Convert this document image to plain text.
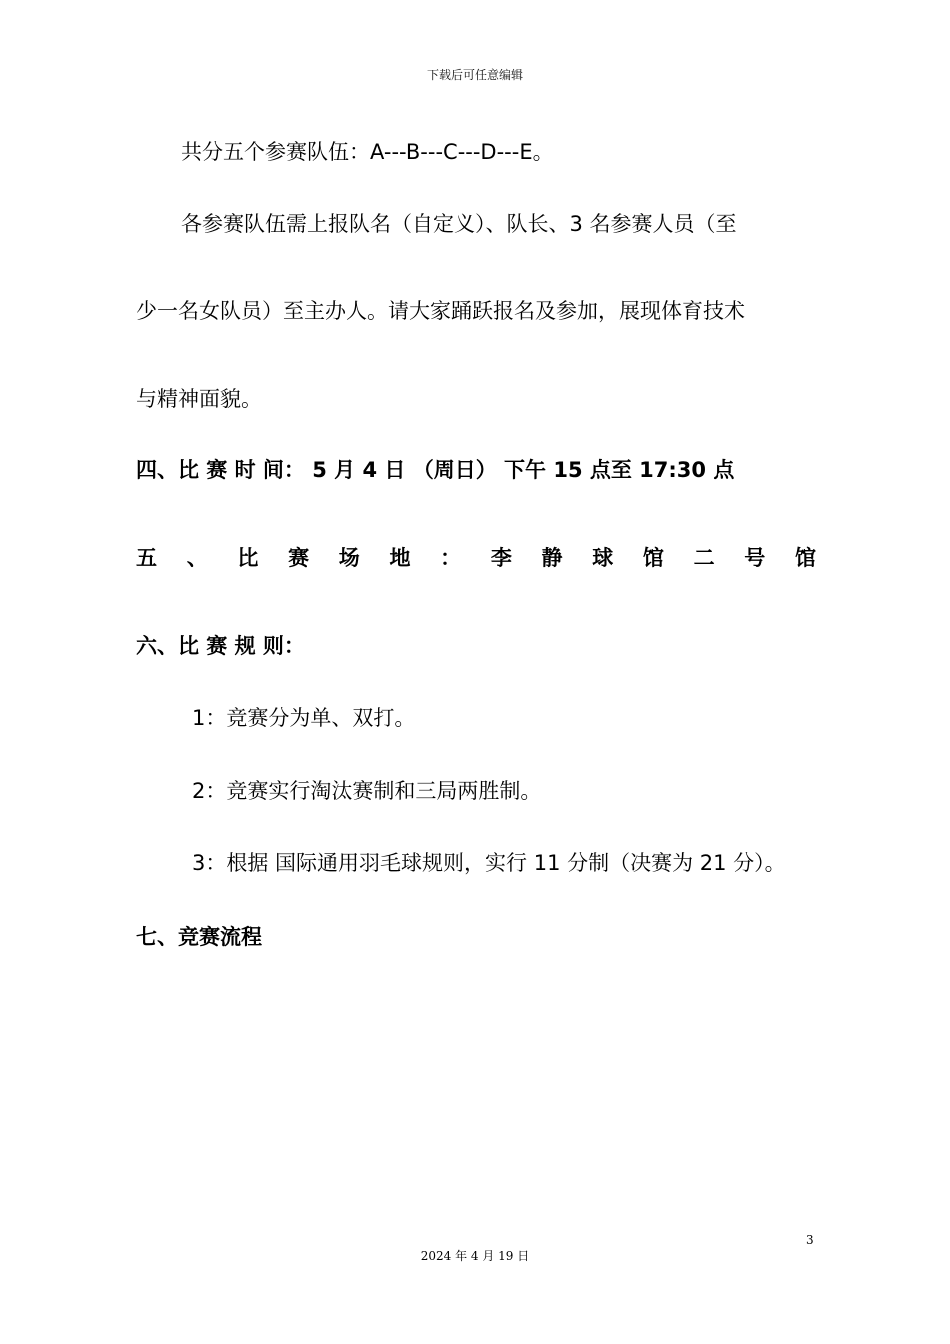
下载后可任意编辑
共分五个参赛队伍：A---B---C---D---E。
各参赛队伍需上报队名（自定义）、队长、3 名参赛人员（至
少一名女队员）至主办人。请大家踊跃报名及参加，展现体育技术
与精神面貌。
四、比 赛 时 间： 5 月 4 日 （周日） 下午 15 点至 17:30 点
五 、 比 赛 场 地 ： 李 静 球 馆 二 号 馆
六、比 赛 规 则：
1：竞赛分为单、双打。
2：竞赛实行淘汰赛制和三局两胜制。
3：根据 国际通用羽毛球规则，实行 11 分制（决赛为 21 分）。
七、竞赛流程
3
2024 年 4 月 19 日
